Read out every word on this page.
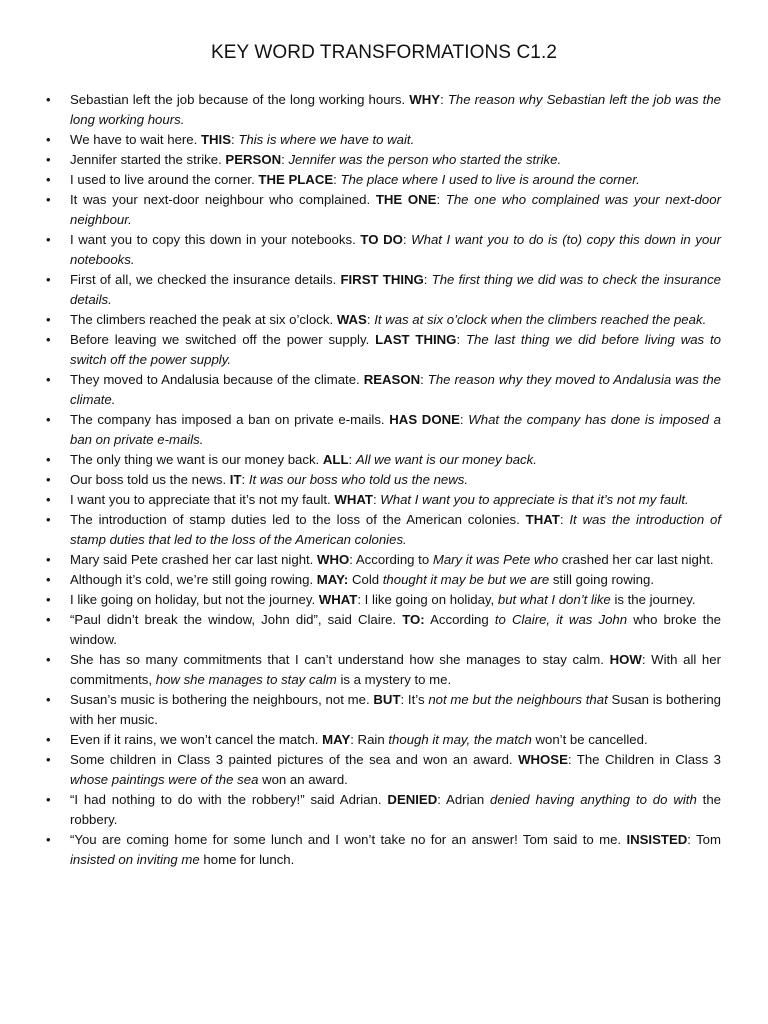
KEY WORD TRANSFORMATIONS C1.2
• Sebastian left the job because of the long working hours. WHY: The reason why Sebastian left the job was the long working hours.
• We have to wait here. THIS: This is where we have to wait.
• Jennifer started the strike. PERSON: Jennifer was the person who started the strike.
• I used to live around the corner. THE PLACE: The place where I used to live is around the corner.
• It was your next-door neighbour who complained. THE ONE: The one who complained was your next-door neighbour.
• I want you to copy this down in your notebooks. TO DO: What I want you to do is (to) copy this down in your notebooks.
• First of all, we checked the insurance details. FIRST THING: The first thing we did was to check the insurance details.
• The climbers reached the peak at six o’clock. WAS: It was at six o’clock when the climbers reached the peak.
• Before leaving we switched off the power supply. LAST THING: The last thing we did before living was to switch off the power supply.
• They moved to Andalusia because of the climate. REASON: The reason why they moved to Andalusia was the climate.
• The company has imposed a ban on private e-mails. HAS DONE: What the company has done is imposed a ban on private e-mails.
• The only thing we want is our money back. ALL: All we want is our money back.
• Our boss told us the news. IT: It was our boss who told us the news.
• I want you to appreciate that it’s not my fault. WHAT: What I want you to appreciate is that it’s not my fault.
• The introduction of stamp duties led to the loss of the American colonies. THAT: It was the introduction of stamp duties that led to the loss of the American colonies.
• Mary said Pete crashed her car last night. WHO: According to Mary it was Pete who crashed her car last night.
• Although it’s cold, we’re still going rowing. MAY: Cold thought it may be but we are still going rowing.
• I like going on holiday, but not the journey. WHAT: I like going on holiday, but what I don’t like is the journey.
• “Paul didn’t break the window, John did”, said Claire. TO: According to Claire, it was John who broke the window.
• She has so many commitments that I can’t understand how she manages to stay calm. HOW: With all her commitments, how she manages to stay calm is a mystery to me.
• Susan’s music is bothering the neighbours, not me. BUT: It’s not me but the neighbours that Susan is bothering with her music.
• Even if it rains, we won’t cancel the match. MAY: Rain though it may, the match won’t be cancelled.
• Some children in Class 3 painted pictures of the sea and won an award. WHOSE: The Children in Class 3 whose paintings were of the sea won an award.
• “I had nothing to do with the robbery!” said Adrian. DENIED: Adrian denied having anything to do with the robbery.
• “You are coming home for some lunch and I won’t take no for an answer! Tom said to me. INSISTED: Tom insisted on inviting me home for lunch.
